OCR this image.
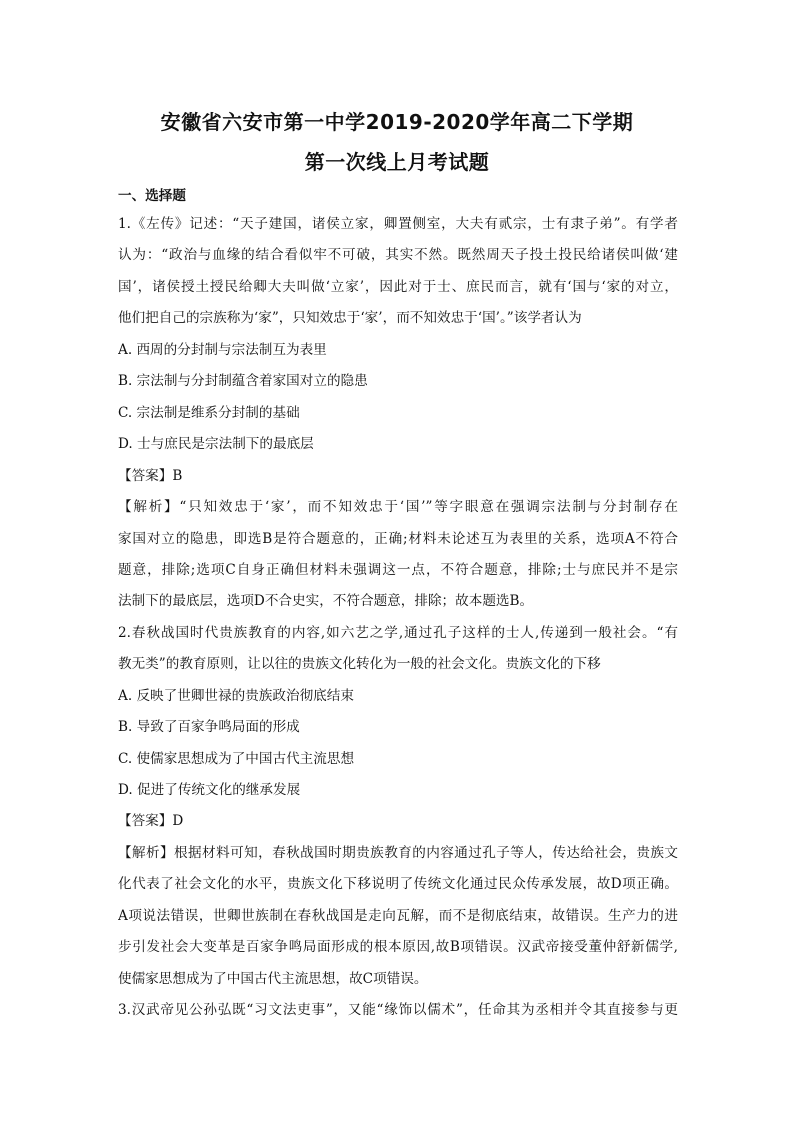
安徽省六安市第一中学2019-2020学年高二下学期
第一次线上月考试题
一、选择题
1.《左传》记述：“天子建国，诸侯立家，卿置侧室，大夫有贰宗，士有隶子弟”。有学者
认为：“政治与血缘的结合看似牢不可破，其实不然。既然周天子投土投民给诸侯叫做‘建
国’，诸侯授土授民给卿大夫叫做‘立家’，因此对于士、庶民而言，就有‘国与‘家的对立，
他们把自己的宗族称为‘家”，只知效忠于‘家’，而不知效忠于‘国’。”该学者认为
A. 西周的分封制与宗法制互为表里
B. 宗法制与分封制蕴含着家国对立的隐患
C. 宗法制是维系分封制的基础
D. 士与庶民是宗法制下的最底层
【答案】B
【解析】“只知效忠于‘家’，而不知效忠于‘国’”等字眼意在强调宗法制与分封制存在
家国对立的隐患，即选B是符合题意的，正确;材料未论述互为表里的关系，选项A不符合
题意，排除;选项C自身正确但材料未强调这一点，不符合题意，排除;士与庶民并不是宗
法制下的最底层，选项D不合史实，不符合题意，排除；故本题选B。
2.春秋战国时代贵族教育的内容,如六艺之学,通过孔子这样的士人,传递到一般社会。“有
教无类”的教育原则，让以往的贵族文化转化为一般的社会文化。贵族文化的下移
A. 反映了世卿世禄的贵族政治彻底结束
B. 导致了百家争鸣局面的形成
C. 使儒家思想成为了中国古代主流思想
D. 促进了传统文化的继承发展
【答案】D
【解析】根据材料可知，春秋战国时期贵族教育的内容通过孔子等人，传达给社会，贵族文
化代表了社会文化的水平，贵族文化下移说明了传统文化通过民众传承发展，故D项正确。
A项说法错误，世卿世族制在春秋战国是走向瓦解，而不是彻底结束，故错误。生产力的进
步引发社会大变革是百家争鸣局面形成的根本原因,故B项错误。汉武帝接受董仲舒新儒学,
使儒家思想成为了中国古代主流思想，故C项错误。
3.汉武帝见公孙弘既“习文法吏事”，又能“缘饰以儒术”，任命其为丞相并令其直接参与更
